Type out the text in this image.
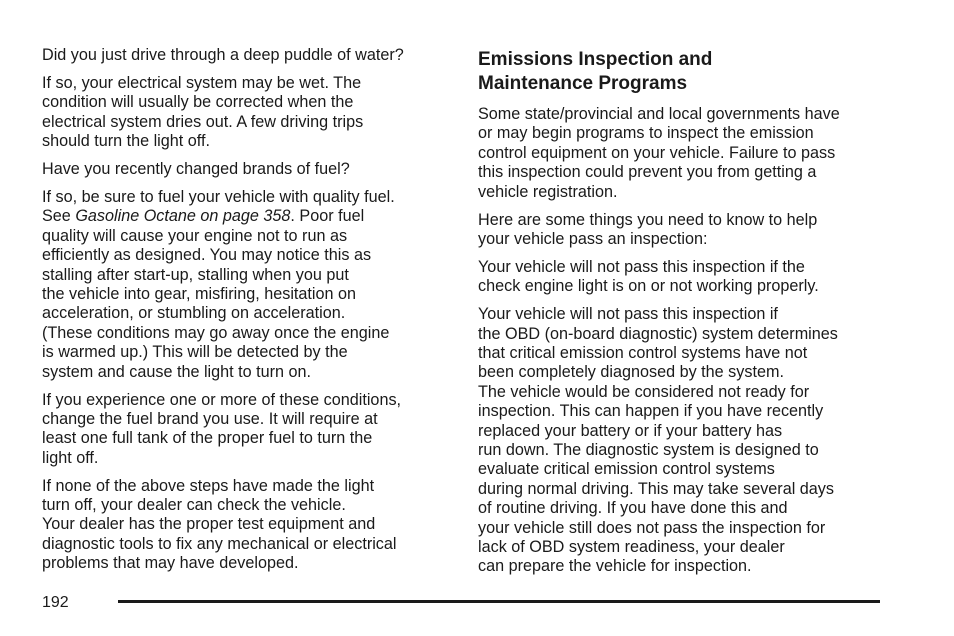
Did you just drive through a deep puddle of water?

If so, your electrical system may be wet. The
condition will usually be corrected when the
electrical system dries out. A few driving trips
should turn the light off.

Have you recently changed brands of fuel?

If so, be sure to fuel your vehicle with quality fuel.
See Gasoline Octane on page 358. Poor fuel
quality will cause your engine not to run as
efficiently as designed. You may notice this as
stalling after start-up, stalling when you put
the vehicle into gear, misfiring, hesitation on
acceleration, or stumbling on acceleration.
(These conditions may go away once the engine
is warmed up.) This will be detected by the
system and cause the light to turn on.

If you experience one or more of these conditions,
change the fuel brand you use. It will require at
least one full tank of the proper fuel to turn the
light off.

If none of the above steps have made the light
turn off, your dealer can check the vehicle.
Your dealer has the proper test equipment and
diagnostic tools to fix any mechanical or electrical
problems that may have developed.

Emissions Inspection and
Maintenance Programs

Some state/provincial and local governments have
or may begin programs to inspect the emission
control equipment on your vehicle. Failure to pass
this inspection could prevent you from getting a
vehicle registration.

Here are some things you need to know to help
your vehicle pass an inspection:

Your vehicle will not pass this inspection if the
check engine light is on or not working properly.

Your vehicle will not pass this inspection if
the OBD (on-board diagnostic) system determines
that critical emission control systems have not
been completely diagnosed by the system.
The vehicle would be considered not ready for
inspection. This can happen if you have recently
replaced your battery or if your battery has
run down. The diagnostic system is designed to
evaluate critical emission control systems
during normal driving. This may take several days
of routine driving. If you have done this and
your vehicle still does not pass the inspection for
lack of OBD system readiness, your dealer
can prepare the vehicle for inspection.

192
